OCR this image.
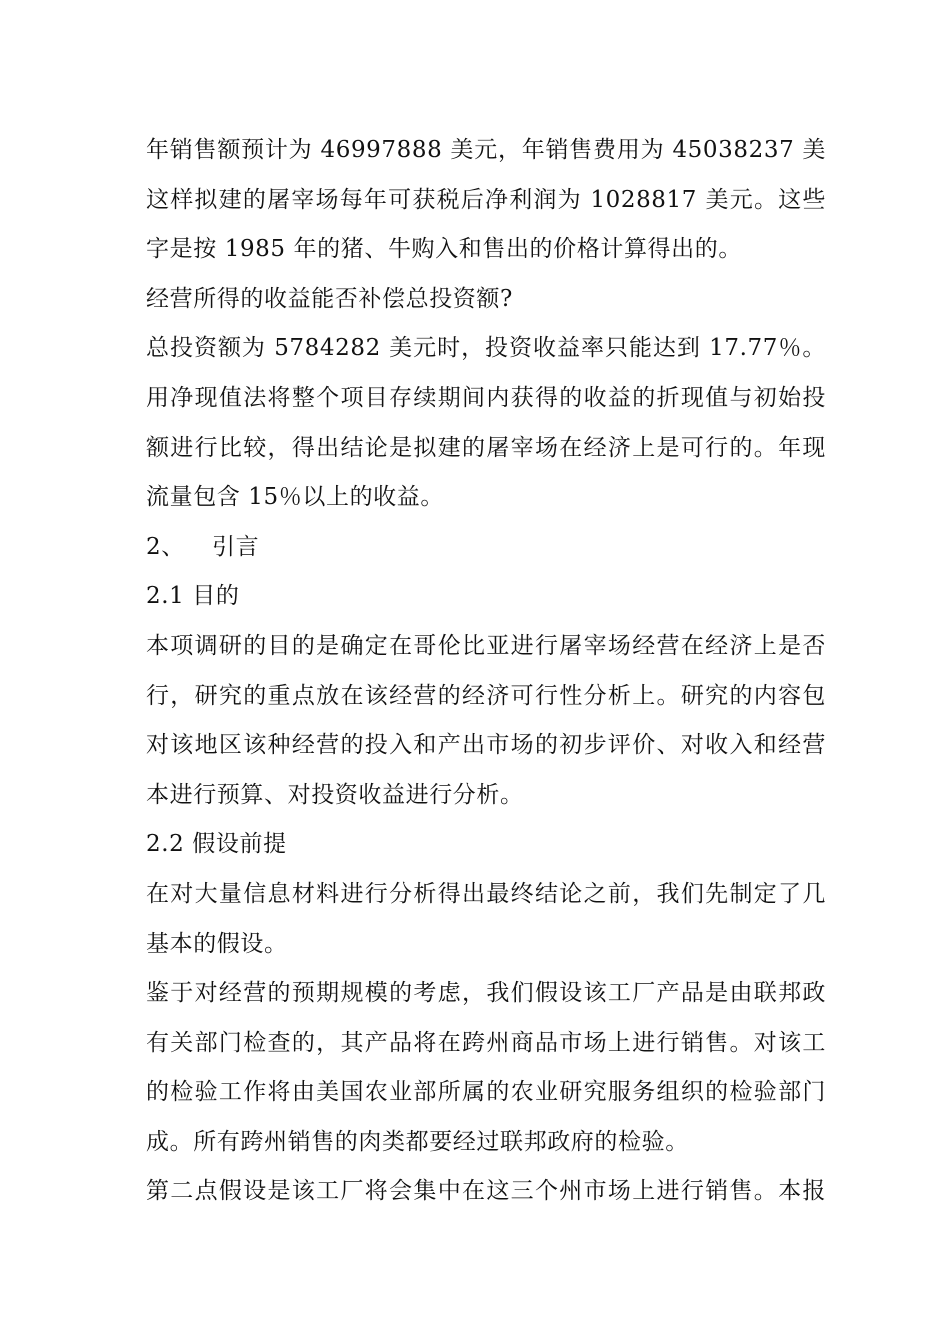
年销售额预计为 46997888 美元，年销售费用为 45038237 美
这样拟建的屠宰场每年可获税后净利润为 1028817 美元。这些
字是按 1985 年的猪、牛购入和售出的价格计算得出的。
经营所得的收益能否补偿总投资额?
总投资额为 5784282 美元时，投资收益率只能达到 17.77％。
用净现值法将整个项目存续期间内获得的收益的折现值与初始投
额进行比较，得出结论是拟建的屠宰场在经济上是可行的。年现
流量包含 15％以上的收益。
2、 引言
2.1 目的
本项调研的目的是确定在哥伦比亚进行屠宰场经营在经济上是否
行，研究的重点放在该经营的经济可行性分析上。研究的内容包
对该地区该种经营的投入和产出市场的初步评价、对收入和经营
本进行预算、对投资收益进行分析。
2.2 假设前提
在对大量信息材料进行分析得出最终结论之前，我们先制定了几
基本的假设。
鉴于对经营的预期规模的考虑，我们假设该工厂产品是由联邦政
有关部门检查的，其产品将在跨州商品市场上进行销售。对该工
的检验工作将由美国农业部所属的农业研究服务组织的检验部门
成。所有跨州销售的肉类都要经过联邦政府的检验。
第二点假设是该工厂将会集中在这三个州市场上进行销售。本报
